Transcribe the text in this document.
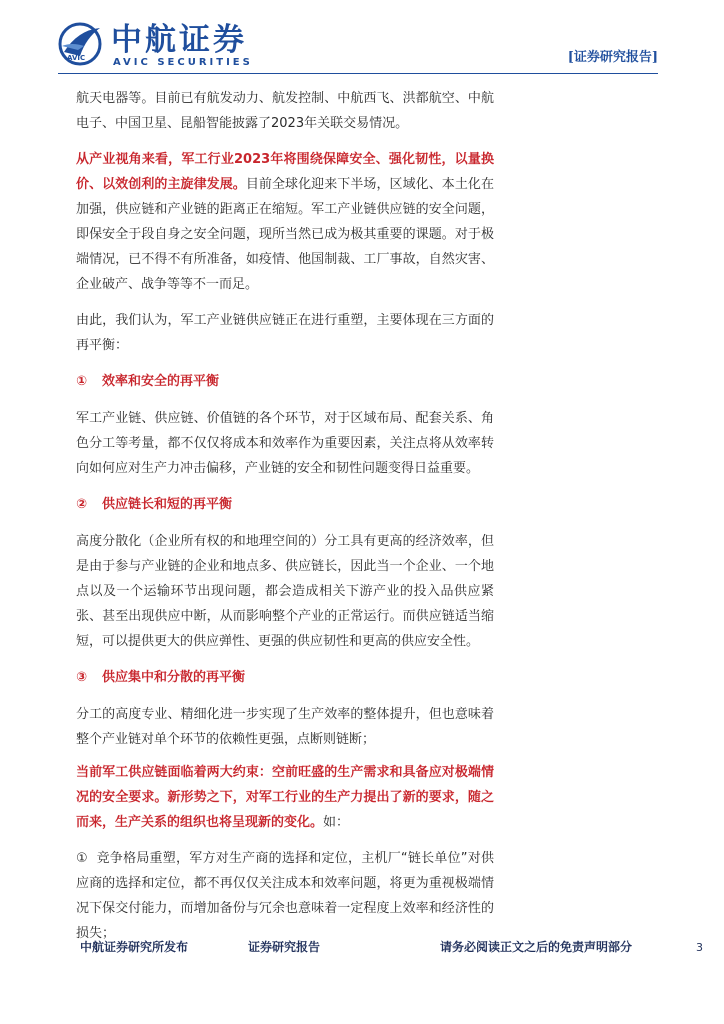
AVIC 中航证券
AVIC SECURITIES	[证券研究报告]

航天电器等。目前已有航发动力、航发控制、中航西飞、洪都航空、中航电子、中国卫星、昆船智能披露了2023年关联交易情况。

从产业视角来看，军工行业2023年将围绕保障安全、强化韧性，以量换价、以效创利的主旋律发展。目前全球化迎来下半场，区域化、本土化在加强，供应链和产业链的距离正在缩短。军工产业链供应链的安全问题，即保安全于段自身之安全问题，现所当然已成为极其重要的课题。对于极端情况，已不得不有所准备，如疫情、他国制裁、工厂事故，自然灾害、企业破产、战争等等不一而足。

由此，我们认为，军工产业链供应链正在进行重塑，主要体现在三方面的再平衡：

① 效率和安全的再平衡

军工产业链、供应链、价值链的各个环节，对于区域布局、配套关系、角色分工等考量，都不仅仅将成本和效率作为重要因素，关注点将从效率转向如何应对生产力冲击偏移，产业链的安全和韧性问题变得日益重要。

② 供应链长和短的再平衡

高度分散化（企业所有权的和地理空间的）分工具有更高的经济效率，但是由于参与产业链的企业和地点多、供应链长，因此当一个企业、一个地点以及一个运输环节出现问题，都会造成相关下游产业的投入品供应紧张、甚至出现供应中断，从而影响整个产业的正常运行。而供应链适当缩短，可以提供更大的供应弹性、更强的供应韧性和更高的供应安全性。

③ 供应集中和分散的再平衡

分工的高度专业、精细化进一步实现了生产效率的整体提升，但也意味着整个产业链对单个环节的依赖性更强，点断则链断；

当前军工供应链面临着两大约束：空前旺盛的生产需求和具备应对极端情况的安全要求。新形势之下，对军工行业的生产力提出了新的要求，随之而来，生产关系的组织也将呈现新的变化。如：

① 竞争格局重塑，军方对生产商的选择和定位，主机厂“链长单位”对供应商的选择和定位，都不再仅仅关注成本和效率问题，将更为重视极端情况下保交付能力，而增加备份与冗余也意味着一定程度上效率和经济性的损失；

中航证券研究所发布	证券研究报告	请务必阅读正文之后的免责声明部分	3
